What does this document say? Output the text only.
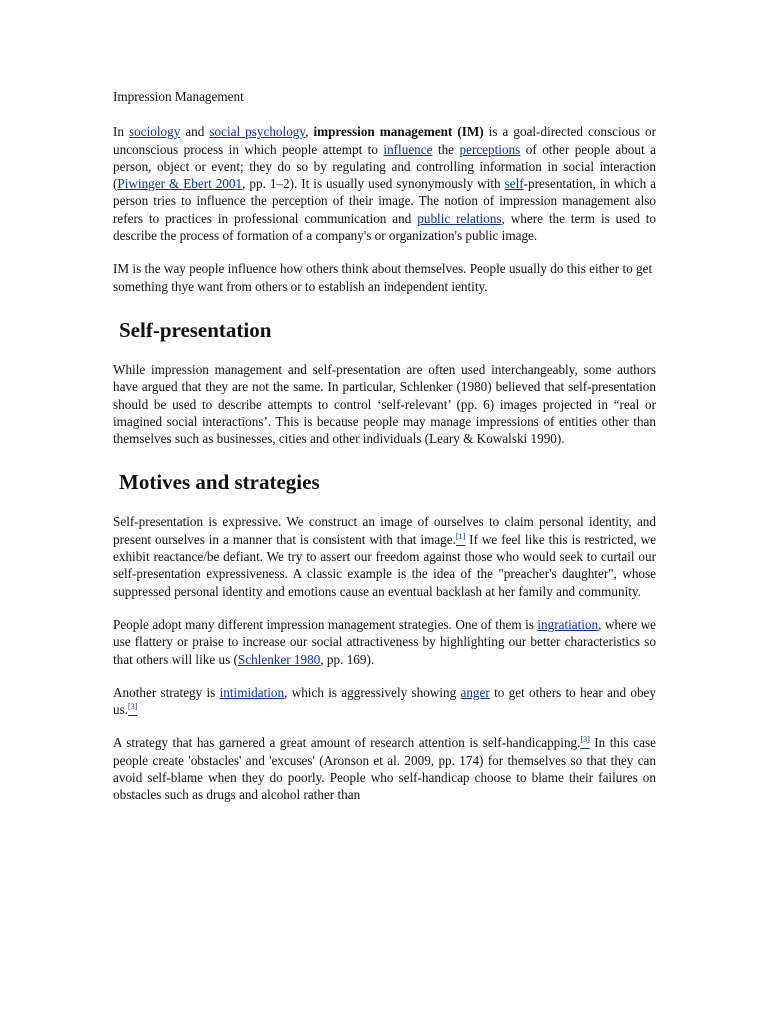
Impression Management

In sociology and social psychology, impression management (IM) is a goal-directed conscious or unconscious process in which people attempt to influence the perceptions of other people about a person, object or event; they do so by regulating and controlling information in social interaction (Piwinger & Ebert 2001, pp. 1–2). It is usually used synonymously with self-presentation, in which a person tries to influence the perception of their image. The notion of impression management also refers to practices in professional communication and public relations, where the term is used to describe the process of formation of a company's or organization's public image.

IM is the way people influence how others think about themselves. People usually do this either to get something thye want from others or to establish an independent ientity.

Self-presentation

While impression management and self-presentation are often used interchangeably, some authors have argued that they are not the same. In particular, Schlenker (1980) believed that self-presentation should be used to describe attempts to control ‘self-relevant’ (pp. 6) images projected in “real or imagined social interactions’. This is because people may manage impressions of entities other than themselves such as businesses, cities and other individuals (Leary & Kowalski 1990).

Motives and strategies

Self-presentation is expressive. We construct an image of ourselves to claim personal identity, and present ourselves in a manner that is consistent with that image.[1] If we feel like this is restricted, we exhibit reactance/be defiant. We try to assert our freedom against those who would seek to curtail our self-presentation expressiveness. A classic example is the idea of the "preacher's daughter", whose suppressed personal identity and emotions cause an eventual backlash at her family and community.

People adopt many different impression management strategies. One of them is ingratiation, where we use flattery or praise to increase our social attractiveness by highlighting our better characteristics so that others will like us (Schlenker 1980, pp. 169).

Another strategy is intimidation, which is aggressively showing anger to get others to hear and obey us.[3]

A strategy that has garnered a great amount of research attention is self-handicapping.[3] In this case people create 'obstacles' and 'excuses' (Aronson et al. 2009, pp. 174) for themselves so that they can avoid self-blame when they do poorly. People who self-handicap choose to blame their failures on obstacles such as drugs and alcohol rather than
